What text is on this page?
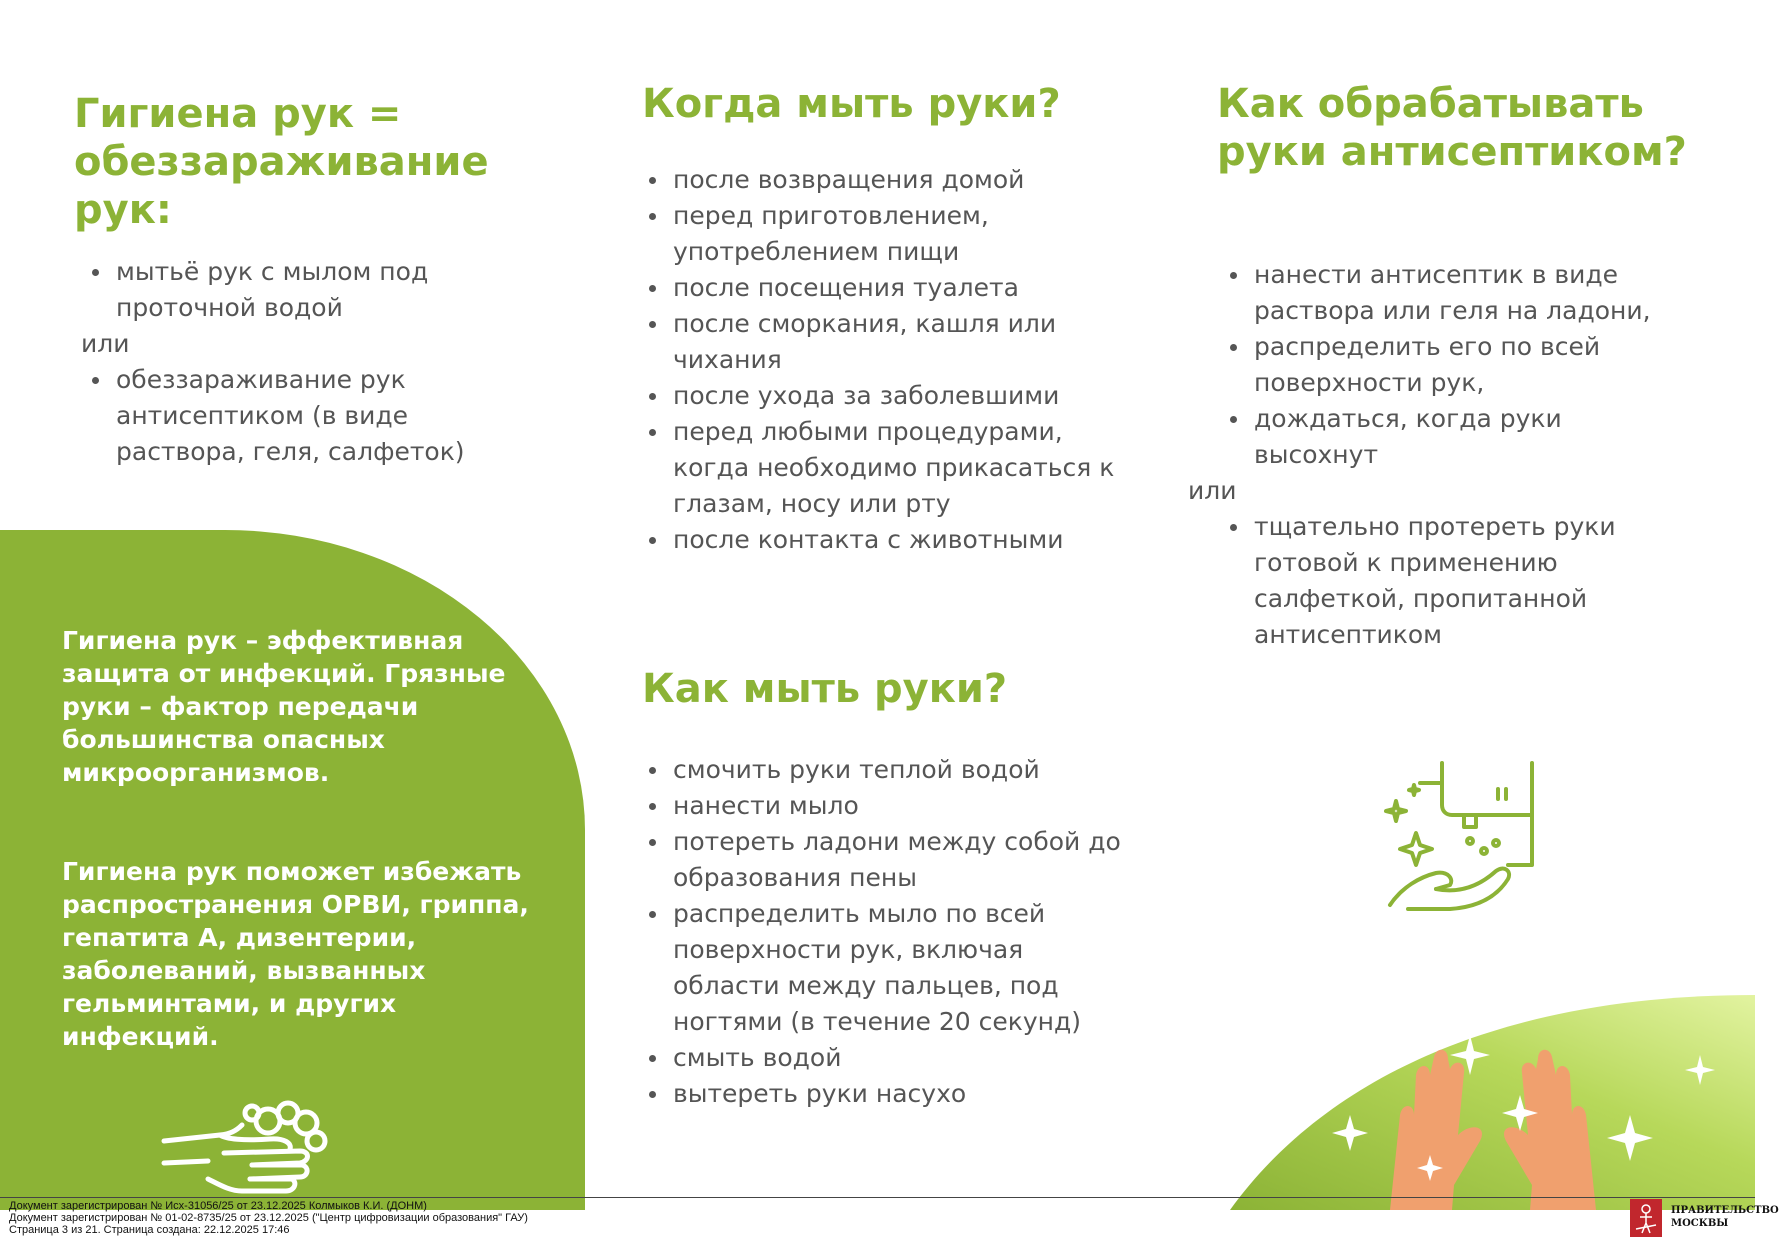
Гигиена рук = обеззараживание рук:
мытьё рук с мылом под проточной водой
или
обеззараживание рук антисептиком (в виде раствора, геля, салфеток)

Гигиена рук – эффективная защита от инфекций. Грязные руки – фактор передачи большинства опасных микроорганизмов.

Гигиена рук поможет избежать распространения ОРВИ, гриппа, гепатита А, дизентерии, заболеваний, вызванных гельминтами, и других инфекций.

Когда мыть руки?
после возвращения домой
перед приготовлением, употреблением пищи
после посещения туалета
после сморкания, кашля или чихания
после ухода за заболевшими
перед любыми процедурами, когда необходимо прикасаться к глазам, носу или рту
после контакта с животными
Как мыть руки?
смочить руки теплой водой
нанести мыло
потереть ладони между собой до образования пены
распределить мыло по всей поверхности рук, включая области между пальцев, под ногтями (в течение 20 секунд)
смыть водой
вытереть руки насухо
Как обрабатывать руки антисептиком?
нанести антисептик в виде раствора или геля на ладони,
распределить его по всей поверхности рук,
дождаться, когда руки высохнут
или
тщательно протереть руки готовой к применению салфеткой, пропитанной антисептиком
Документ зарегистрирован № Исх-31056/25 от 23.12.2025 Колмыков К.И. (ДОНМ)
Документ зарегистрирован № 01-02-8735/25 от 23.12.2025 ("Центр цифровизации образования" ГАУ)
Страница 3 из 21. Страница создана: 22.12.2025 17:46
ПРАВИТЕЛЬСТВО
МОСКВЫ
